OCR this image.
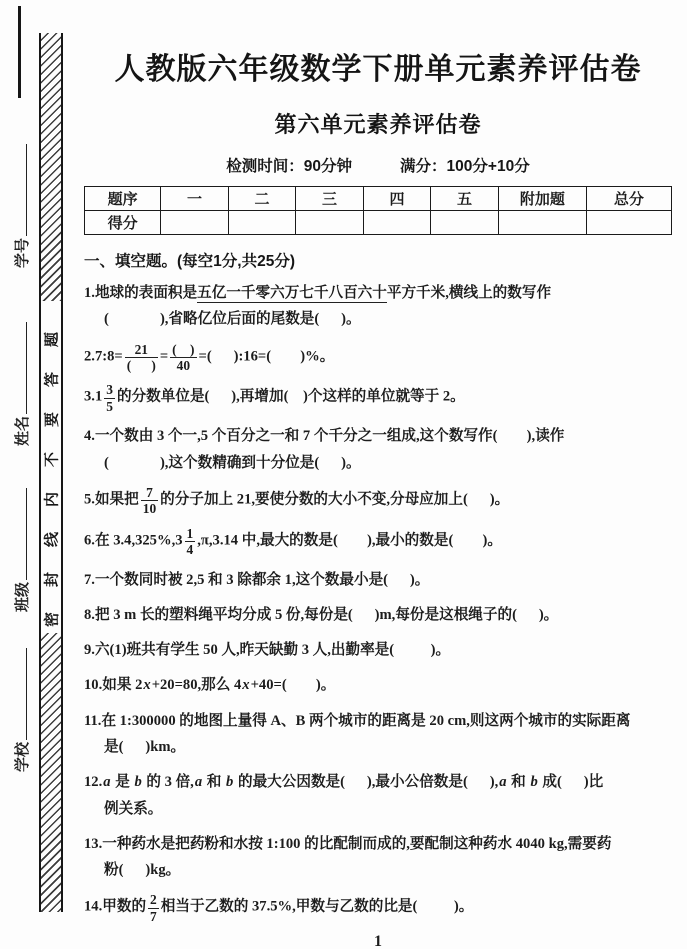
学号
姓名
班级
学校
密封线内不要答题
人教版六年级数学下册单元素养评估卷
第六单元素养评估卷
检测时间：90分钟	满分：100分+10分
题序	一	二	三	四	五	附加题	总分
得分							
一、填空题。(每空1分,共25分)

1.地球的表面积是五亿一千零六万七千八百六十平方千米,横线上的数写作
(              ),省略亿位后面的尾数是(      )。

2.7:8= $\frac{21}{( )} = \frac{( )}{40}$ =(      ):16=(        )%。

$3.1 \frac{3}{5}$ 的分数单位是(      ),再增加(    )个这样的单位就等于 2。

4.一个数由 3 个一,5 个百分之一和 7 个千分之一组成,这个数写作(        ),读作
(              ),这个数精确到十分位是(      )。

5.如果把 $\frac{7}{10}$ 的分子加上 21,要使分数的大小不变,分母应加上(      )。

6.在 $3.4,325\%,3 \frac{1}{4} ,\pi,3.14$ 中,最大的数是(        ),最小的数是(        )。

7.一个数同时被 2,5 和 3 除都余 1,这个数最小是(      )。

8.把 3 m 长的塑料绳平均分成 5 份,每份是(      )m,每份是这根绳子的(      )。

9.六(1)班共有学生 50 人,昨天缺勤 3 人,出勤率是(          )。

10.如果 2x+20=80,那么 4x+40=(        )。

11.在 1:300000 的地图上量得 A、B 两个城市的距离是 20 cm,则这两个城市的实际距离
是(      )km。

12.a 是 b 的 3 倍,a 和 b 的最大公因数是(      ),最小公倍数是(      ),a 和 b 成(      )比
例关系。

13.一种药水是把药粉和水按 1:100 的比配制而成的,要配制这种药水 4040 kg,需要药
粉(      )kg。

14.甲数的 $\frac{2}{7}$ 相当于乙数的 37.5%,甲数与乙数的比是(          )。

1
